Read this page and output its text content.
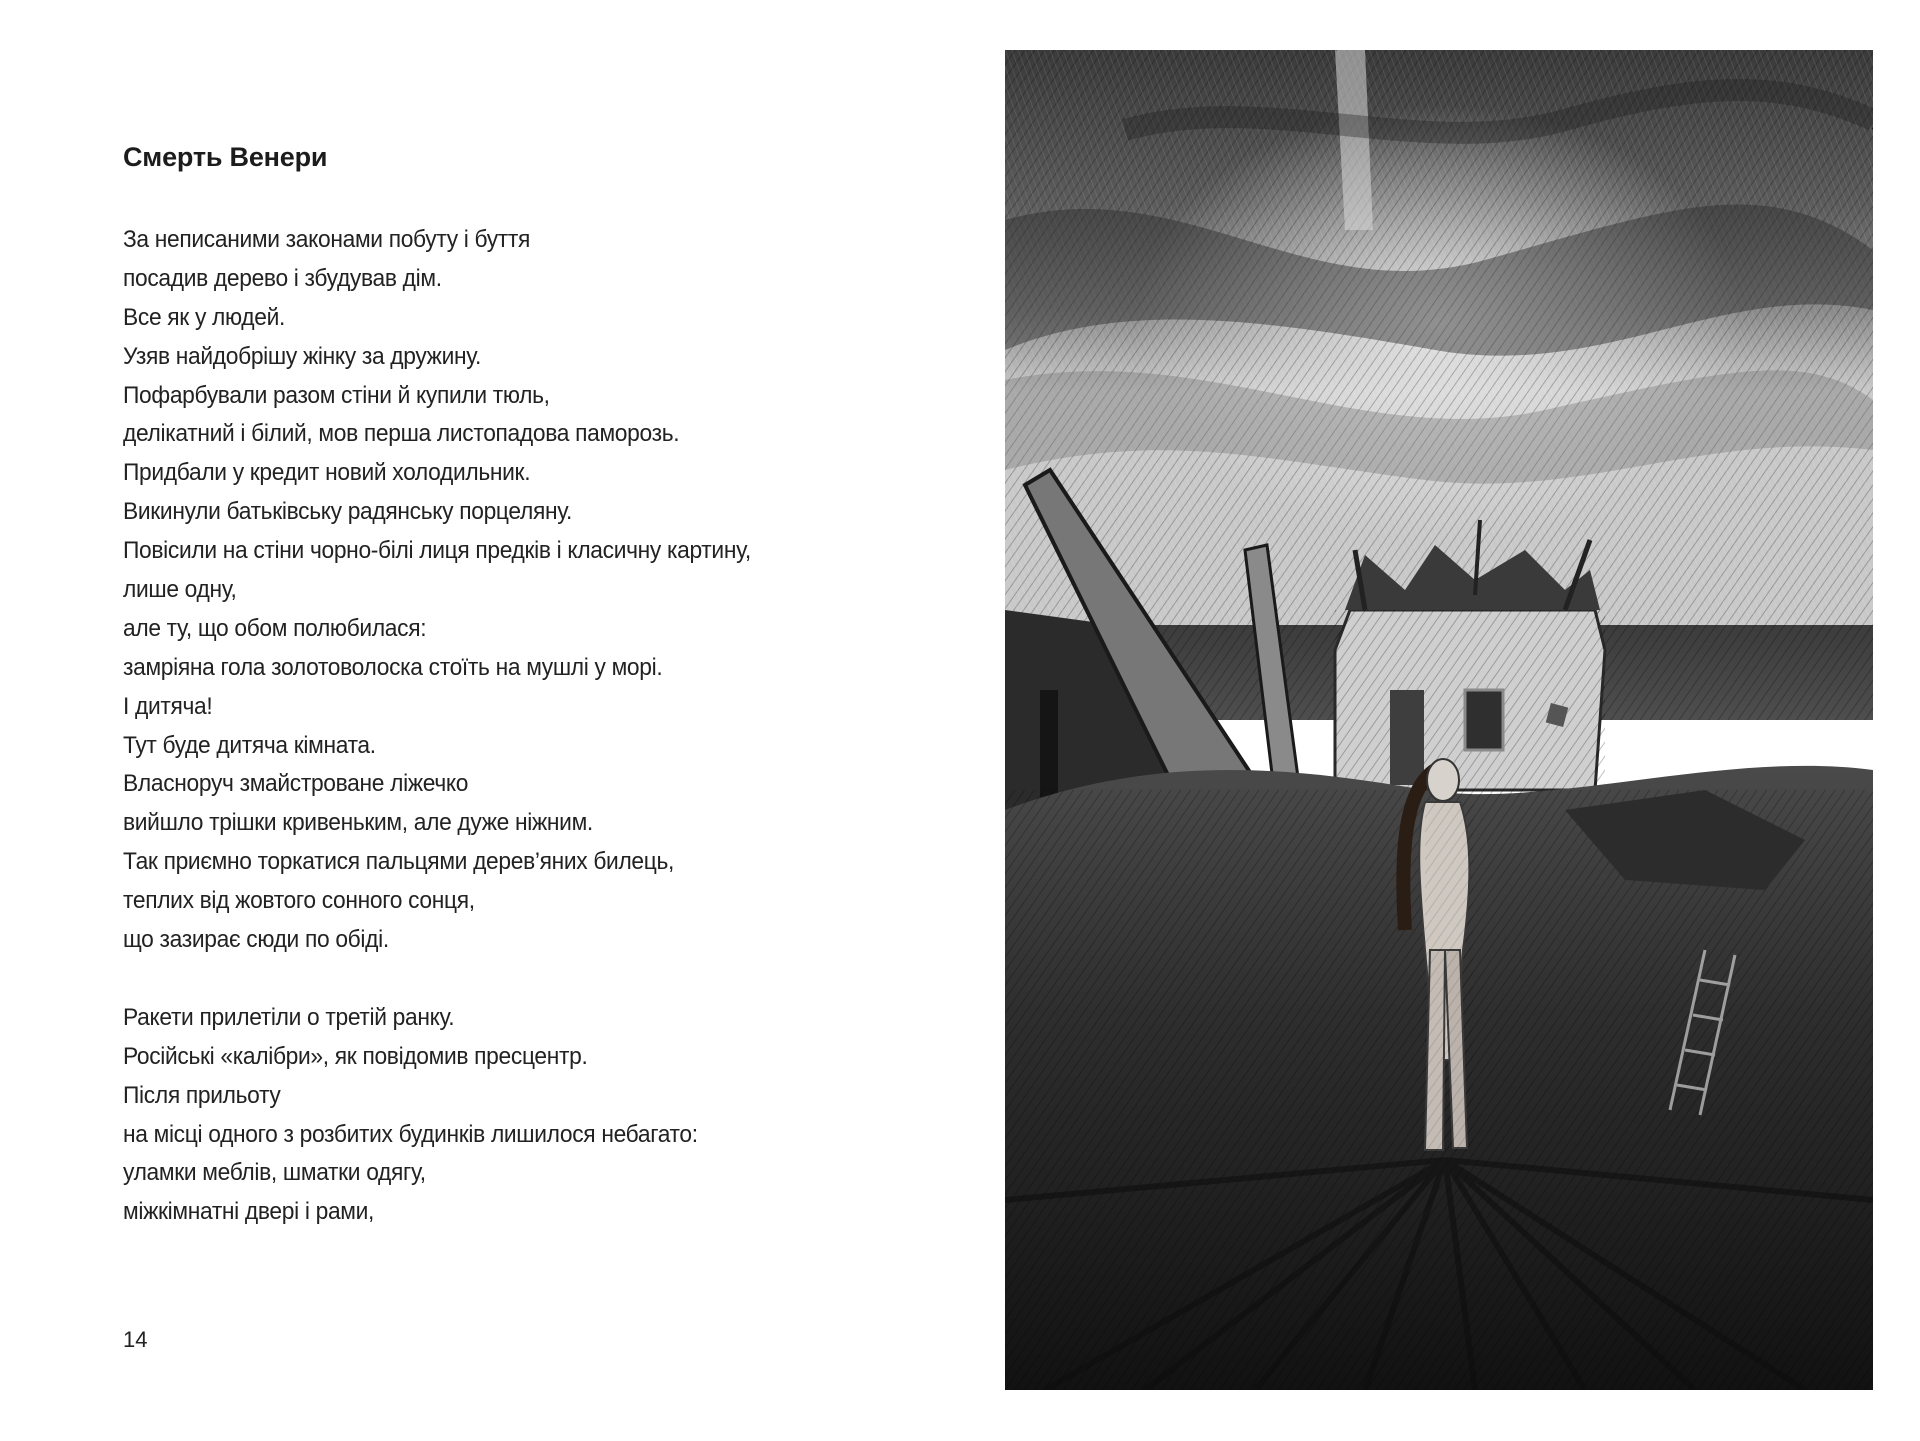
Смерть Венери
За неписаними законами побуту і буття
посадив дерево і збудував дім.
Все як у людей.
Узяв найдобрішу жінку за дружину.
Пофарбували разом стіни й купили тюль,
делікатний і білий, мов перша листопадова паморозь.
Придбали у кредит новий холодильник.
Викинули батьківську радянську порцеляну.
Повісили на стіни чорно-білі лиця предків і класичну картину,
лише одну,
але ту, що обом полюбилася:
замріяна гола золотоволоска стоїть на мушлі у морі.
І дитяча!
Тут буде дитяча кімната.
Власноруч змайстроване ліжечко
вийшло трішки кривеньким, але дуже ніжним.
Так приємно торкатися пальцями дерев’яних билець,
теплих від жовтого сонного сонця,
що зазирає сюди по обіді.
Ракети прилетіли о третій ранку.
Російські «калібри», як повідомив пресцентр.
Після прильоту
на місці одного з розбитих будинків лишилося небагато:
уламки меблів, шматки одягу,
міжкімнатні двері і рами,
14
